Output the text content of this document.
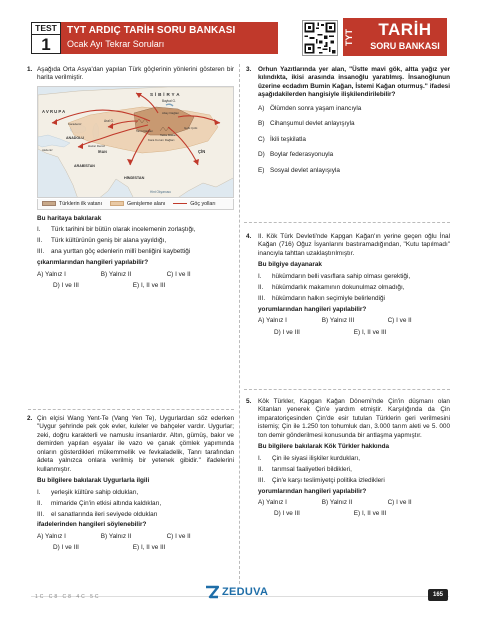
TEST
1
TYT ARDIÇ TARİH SORU BANKASI
Ocak Ayı Tekrar Soruları	TYT	TARİH
SORU BANKASI
1. Aşağıda Orta Asya'dan yapılan Türk göçlerinin yönlerini gösteren bir harita verilmiştir.
S İ B İ R Y A
A V R U P A
ANADOLU
HİNDİSTAN
ÇİN
ARABİSTAN
İRAN
Baykal G.
Aral G.
Hazar Denizi
Karadeniz
Akdeniz
Altay Dağları
Tanrı Dağları
Kara Kurum Dağları
Takla Makan
Gobi Çölü
Hint Okyanusu
Türklerin ilk vatanı	Genişleme alanı	Göç yolları
Bu haritaya bakılarak
I.	Türk tarihini bir bütün olarak incelemenin zorlaştığı,
II.	Türk kültürünün geniş bir alana yayıldığı,
III.	ana yurttan göç edenlerin millî benliğini kaybettiği
çıkarımlarından hangileri yapılabilir?
A) Yalnız I	B) Yalnız II	C) I ve II
D) I ve III	E) I, II ve III
2. Çin elçisi Wang Yent-Te (Vang Yen Te), Uygurlardan söz ederken "Uygur şehrinde pek çok evler, kuleler ve bahçeler vardır. Uygurlar; zeki, doğru karakterli ve namuslu insanlardır. Altın, gümüş, bakır ve demirden yapılan eşyalar ile vazo ve çanak çömlek yapımında onların gösterdikleri mükemmellik ve fevkaladelik, Tanrı tarafından âdeta yalnızca onlara verilmiş bir yetenek gibidir." ifadelerini kullanmıştır.
Bu bilgilere bakılarak Uygurlarla ilgili
I.	yerleşik kültüre sahip oldukları,
II.	mimaride Çin'in etkisi altında kaldıkları,
III.	el sanatlarında ileri seviyede oldukları
ifadelerinden hangileri söylenebilir?
A) Yalnız I	B) Yalnız II	C) I ve II
D) I ve III	E) I, II ve III
3. Orhun Yazıtlarında yer alan, "Üstte mavi gök, altta yağız yer kılındıkta, ikisi arasında insanoğlu yaratılmış. İnsanoğlunun üzerine ecdadım Bumin Kağan, İstemi Kağan oturmuş." ifadesi aşağıdakilerden hangisiyle ilişkilendirilebilir?
A) Ölümden sonra yaşam inancıyla
B) Cihanşumul devlet anlayışıyla
C) İkili teşkilatla
D) Boylar federasyonuyla
E) Sosyal devlet anlayışıyla
4. II. Kök Türk Devleti'nde Kapgan Kağan'ın yerine geçen oğlu İnal Kağan (716) Oğuz İsyanlarını bastıramadığından, "Kutu tapılmadı" inancıyla tahttan uzaklaştırılmıştır.
Bu bilgiye dayanarak
I.	hükümdarın belli vasıflara sahip olması gerektiği,
II.	hükümdarlık makamının dokunulmaz olmadığı,
III.	hükümdarın halkın seçimiyle belirlendiği
yorumlarından hangileri yapılabilir?
A) Yalnız I	B) Yalnız III	C) I ve II
D) I ve III	E) I, II ve III
5. Kök Türkler, Kapgan Kağan Dönemi'nde Çin'in düşmanı olan Kitanları yenerek Çin'e yardım etmiştir. Karşılığında da Çin imparatoriçesinden Çin'de esir tutulan Türklerin geri verilmesini istemiş; Çin ile 1.250 ton tohumluk darı, 3.000 tarım aleti ve 5. 000 ton demir gönderilmesi konusunda bir antlaşma yapmıştır.
Bu bilgilere bakılarak Kök Türkler hakkında
I.	Çin ile siyasi ilişkiler kurdukları,
II.	tarımsal faaliyetleri bildikleri,
III.	Çin'e karşı teslimiyetçi politika izledikleri
yorumlarından hangileri yapılabilir?
A) Yalnız I	B) Yalnız II	C) I ve II
D) I ve III	E) I, II ve III
1C C8 C8 4C 5C	ZEDUVA	165
